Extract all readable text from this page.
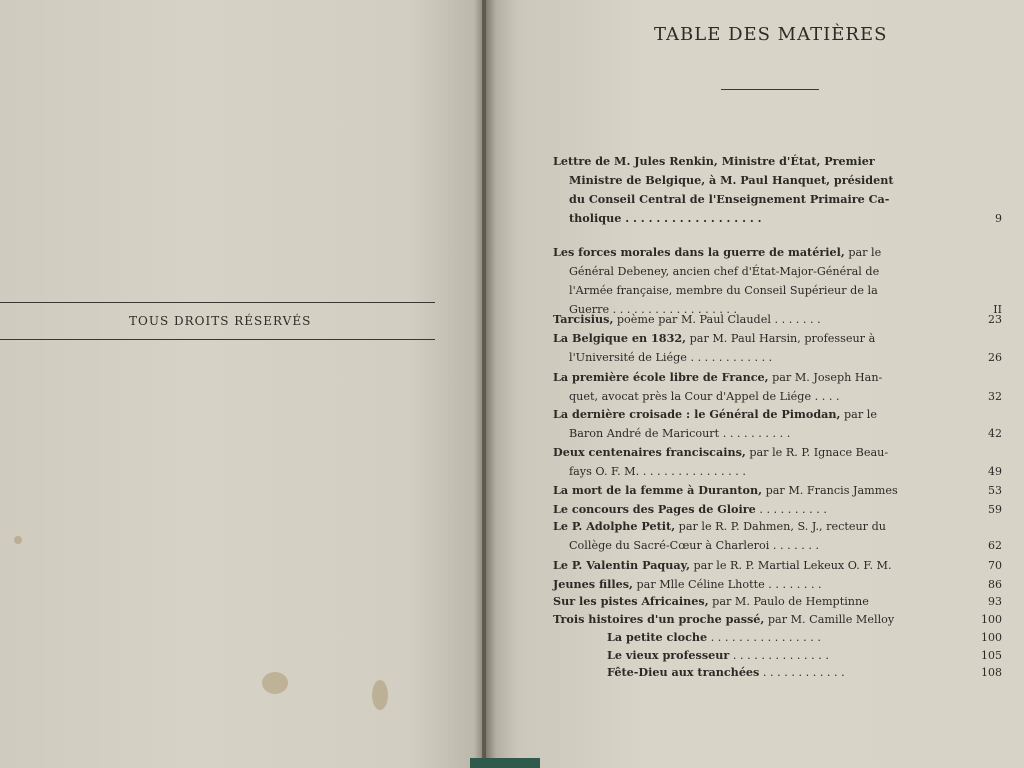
TOUS DROITS RÉSERVÉS
TABLE DES MATIÈRES
Lettre de M. Jules Renkin, Ministre d'État, Premier
Ministre de Belgique, à M. Paul Hanquet, président
du Conseil Central de l'Enseignement Primaire Ca-
tholique . . . . . . . . . . . . . . . . . .	9
Les forces morales dans la guerre de matériel, par le
Général Debeney, ancien chef d'État-Major-Général de
l'Armée française, membre du Conseil Supérieur de la
Guerre . . . . . . . . . . . . . . . . . .	II
Tarcisius, poème par M. Paul Claudel . . . . . . .	23
La Belgique en 1832, par M. Paul Harsin, professeur à
l'Université de Liége . . . . . . . . . . . .	26
La première école libre de France, par M. Joseph Han-
quet, avocat près la Cour d'Appel de Liége . . . .	32
La dernière croisade : le Général de Pimodan, par le
Baron André de Maricourt . . . . . . . . . .	42
Deux centenaires franciscains, par le R. P. Ignace Beau-
fays O. F. M. . . . . . . . . . . . . . . .	49
La mort de la femme à Duranton, par M. Francis Jammes	53
Le concours des Pages de Gloire . . . . . . . . . .	59
Le P. Adolphe Petit, par le R. P. Dahmen, S. J., recteur du
Collège du Sacré-Cœur à Charleroi . . . . . . .	62
Le P. Valentin Paquay, par le R. P. Martial Lekeux O. F. M.	70
Jeunes filles, par Mlle Céline Lhotte . . . . . . . .	86
Sur les pistes Africaines, par M. Paulo de Hemptinne	93
Trois histoires d'un proche passé, par M. Camille Melloy	100
La petite cloche . . . . . . . . . . . . . . . .	100
Le vieux professeur . . . . . . . . . . . . . .	105
Fête-Dieu aux tranchées . . . . . . . . . . . .	108
